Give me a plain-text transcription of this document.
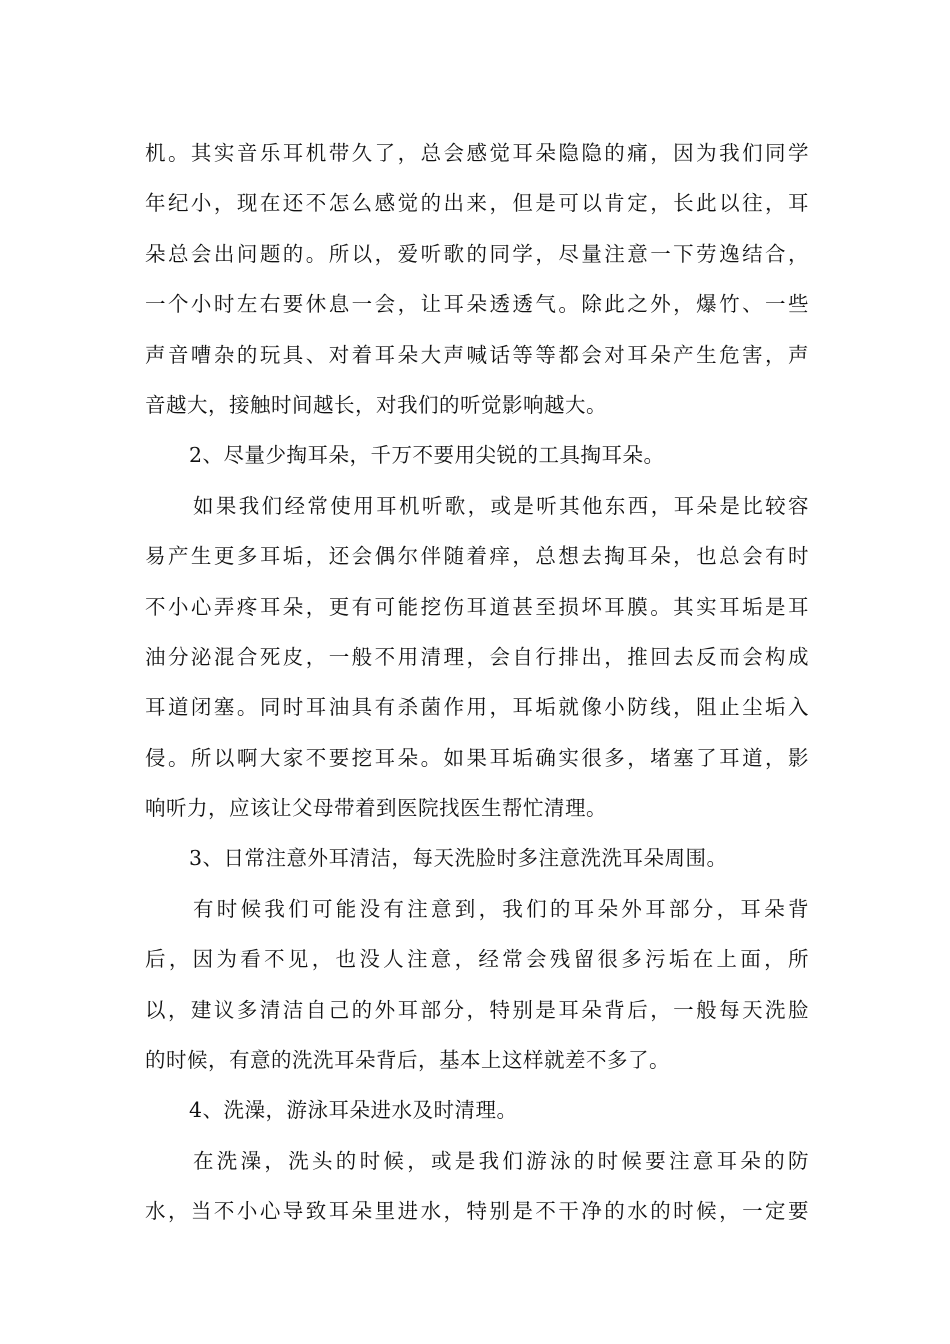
机。其实音乐耳机带久了，总会感觉耳朵隐隐的痛，因为我们同学
年纪小，现在还不怎么感觉的出来，但是可以肯定，长此以往，耳
朵总会出问题的。所以，爱听歌的同学，尽量注意一下劳逸结合，
一个小时左右要休息一会，让耳朵透透气。除此之外，爆竹、一些
声音嘈杂的玩具、对着耳朵大声喊话等等都会对耳朵产生危害，声
音越大，接触时间越长，对我们的听觉影响越大。
2、尽量少掏耳朵，千万不要用尖锐的工具掏耳朵。
如果我们经常使用耳机听歌，或是听其他东西，耳朵是比较容
易产生更多耳垢，还会偶尔伴随着痒，总想去掏耳朵，也总会有时
不小心弄疼耳朵，更有可能挖伤耳道甚至损坏耳膜。其实耳垢是耳
油分泌混合死皮，一般不用清理，会自行排出，推回去反而会构成
耳道闭塞。同时耳油具有杀菌作用，耳垢就像小防线，阻止尘垢入
侵。所以啊大家不要挖耳朵。如果耳垢确实很多，堵塞了耳道，影
响听力，应该让父母带着到医院找医生帮忙清理。
3、日常注意外耳清洁，每天洗脸时多注意洗洗耳朵周围。
有时候我们可能没有注意到，我们的耳朵外耳部分，耳朵背
后，因为看不见，也没人注意，经常会残留很多污垢在上面，所
以，建议多清洁自己的外耳部分，特别是耳朵背后，一般每天洗脸
的时候，有意的洗洗耳朵背后，基本上这样就差不多了。
4、洗澡，游泳耳朵进水及时清理。
在洗澡，洗头的时候，或是我们游泳的时候要注意耳朵的防
水，当不小心导致耳朵里进水，特别是不干净的水的时候，一定要
